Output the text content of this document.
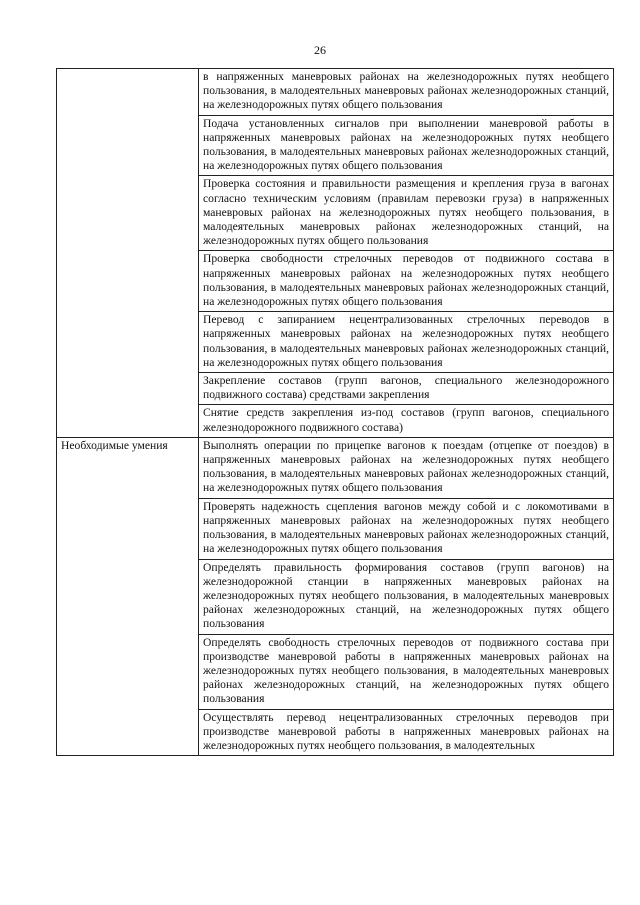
26
	в напряженных маневровых районах на железнодорожных путях необщего пользования, в малодеятельных маневровых районах железнодорожных станций, на железнодорожных путях общего пользования
	Подача установленных сигналов при выполнении маневровой работы в напряженных маневровых районах на железнодорожных путях необщего пользования, в малодеятельных маневровых районах железнодорожных станций, на железнодорожных путях общего пользования
	Проверка состояния и правильности размещения и крепления груза в вагонах согласно техническим условиям (правилам перевозки груза) в напряженных маневровых районах на железнодорожных путях необщего пользования, в малодеятельных маневровых районах железнодорожных станций, на железнодорожных путях общего пользования
	Проверка свободности стрелочных переводов от подвижного состава в напряженных маневровых районах на железнодорожных путях необщего пользования, в малодеятельных маневровых районах железнодорожных станций, на железнодорожных путях общего пользования
	Перевод с запиранием нецентрализованных стрелочных переводов в напряженных маневровых районах на железнодорожных путях необщего пользования, в малодеятельных маневровых районах железнодорожных станций, на железнодорожных путях общего пользования
	Закрепление составов (групп вагонов, специального железнодорожного подвижного состава) средствами закрепления
	Снятие средств закрепления из-под составов (групп вагонов, специального железнодорожного подвижного состава)
Необходимые умения	Выполнять операции по прицепке вагонов к поездам (отцепке от поездов) в напряженных маневровых районах на железнодорожных путях необщего пользования, в малодеятельных маневровых районах железнодорожных станций, на железнодорожных путях общего пользования
	Проверять надежность сцепления вагонов между собой и с локомотивами в напряженных маневровых районах на железнодорожных путях необщего пользования, в малодеятельных маневровых районах железнодорожных станций, на железнодорожных путях общего пользования
	Определять правильность формирования составов (групп вагонов) на железнодорожной станции в напряженных маневровых районах на железнодорожных путях необщего пользования, в малодеятельных маневровых районах железнодорожных станций, на железнодорожных путях общего пользования
	Определять свободность стрелочных переводов от подвижного состава при производстве маневровой работы в напряженных маневровых районах на железнодорожных путях необщего пользования, в малодеятельных маневровых районах железнодорожных станций, на железнодорожных путях общего пользования
	Осуществлять перевод нецентрализованных стрелочных переводов при производстве маневровой работы в напряженных маневровых районах на железнодорожных путях необщего пользования, в малодеятельных
